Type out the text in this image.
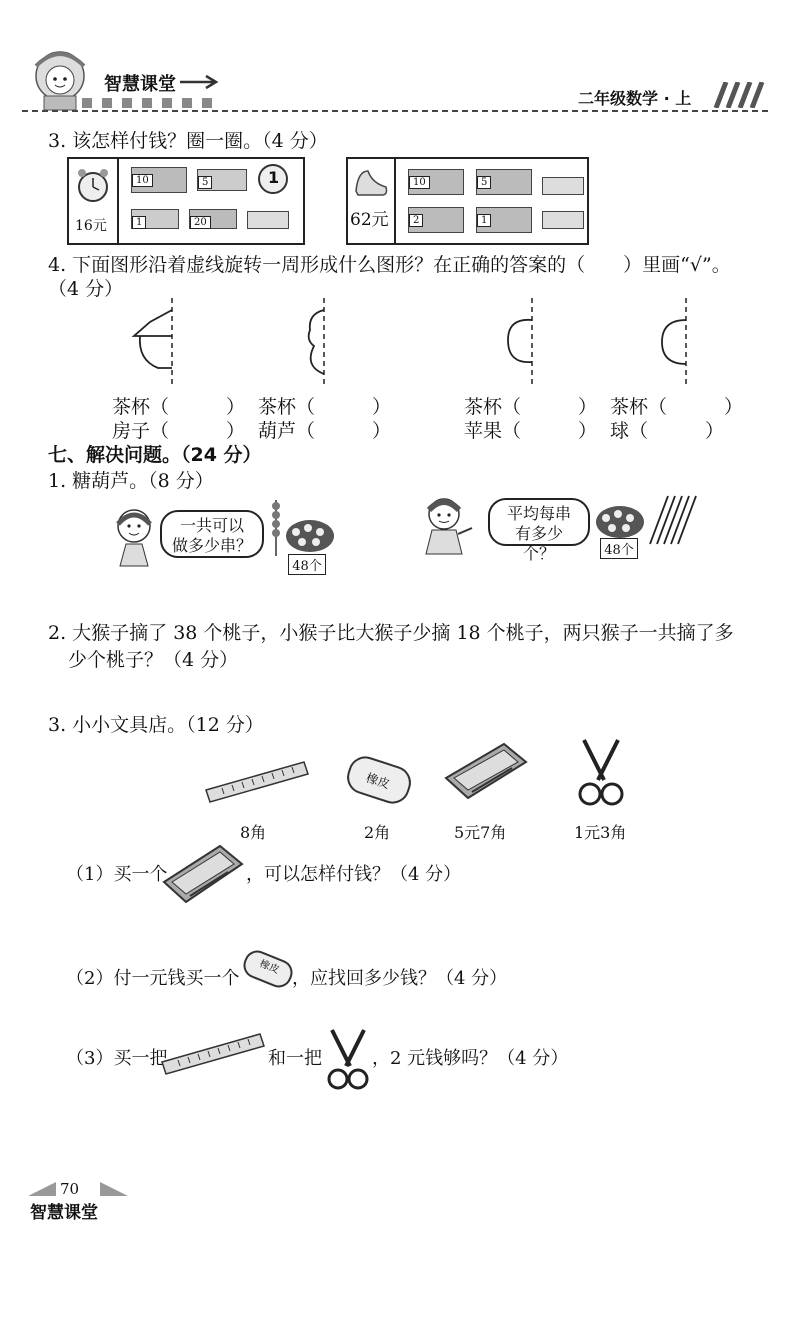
智慧课堂
二年级数学 · 上
3. 该怎样付钱？圈一圈。（4 分）
16元
10	5	1
1	20	62元
10	5
2	1
4. 下面图形沿着虚线旋转一周形成什么图形？在正确的答案的（　　）里画“√”。
（4 分）
茶杯（　　　）
房子（　　　）
茶杯（　　　）
葫芦（　　　）
茶杯（　　　）
苹果（　　　）
茶杯（　　　）
球（　　　）
七、解决问题。（24 分）
1. 糖葫芦。（8 分）
一共可以
做多少串？
48个
平均每串
有多少个？	48个
2. 大猴子摘了 38 个桃子，小猴子比大猴子少摘 18 个桃子，两只猴子一共摘了多
少个桃子？（4 分）
3. 小小文具店。（12 分）
橡皮
8角	2角	5元7角	1元3角
（1）买一个	，可以怎样付钱？（4 分）
（2）付一元钱买一个
橡皮
，应找回多少钱？（4 分）
（3）买一把	和一把	，2 元钱够吗？（4 分）
70
智慧课堂
